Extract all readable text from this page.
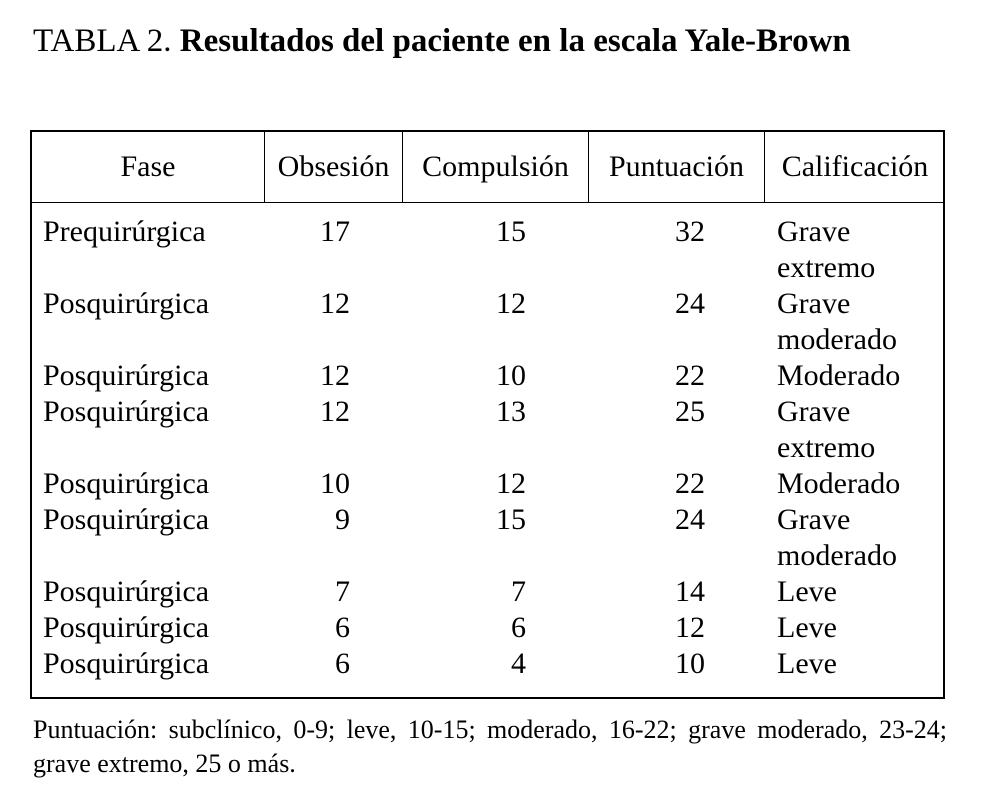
TABLA 2. Resultados del paciente en la escala Yale-Brown
Fase	Obsesión	Compulsión	Puntuación	Calificación
Prequirúrgica	17	15	32 Grave extremo
Posquirúrgica	12	12	24 Grave moderado
Posquirúrgica	12	10	22 Moderado
Posquirúrgica	12	13	25 Grave extremo
Posquirúrgica	10	12	22 Moderado
Posquirúrgica	9	15	24 Grave moderado
Posquirúrgica	7	7	14 Leve
Posquirúrgica	6	6	12 Leve
Posquirúrgica	6	4	10 Leve
Puntuación: subclínico, 0-9; leve, 10-15; moderado, 16-22; grave moderado, 23-24; grave extremo, 25 o más.
